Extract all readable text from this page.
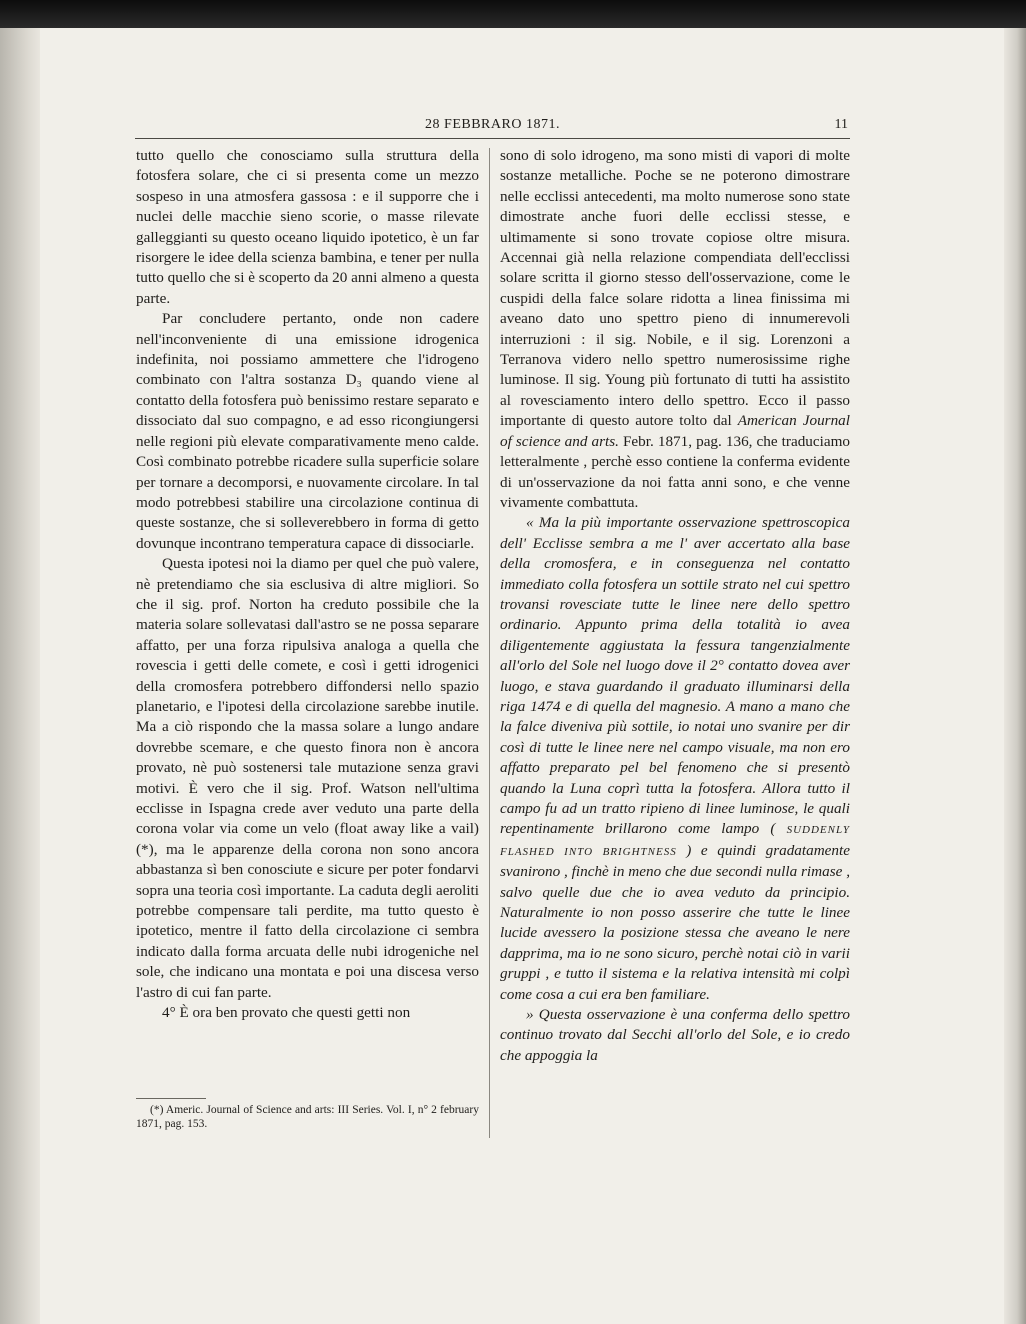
28 FEBBRARO 1871.	11

tutto quello che conosciamo sulla struttura della fotosfera solare, che ci si presenta come un mezzo sospeso in una atmosfera gassosa : e il supporre che i nuclei delle macchie sieno scorie, o masse rilevate galleggianti su questo oceano liquido ipotetico, è un far risorgere le idee della scienza bambina, e tener per nulla tutto quello che si è scoperto da 20 anni almeno a questa parte.

Par concludere pertanto, onde non cadere nell'inconveniente di una emissione idrogenica indefinita, noi possiamo ammettere che l'idrogeno combinato con l'altra sostanza D₃ quando viene al contatto della fotosfera può benissimo restare separato e dissociato dal suo compagno, e ad esso ricongiungersi nelle regioni più elevate comparativamente meno calde. Così combinato potrebbe ricadere sulla superficie solare per tornare a decomporsi, e nuovamente circolare. In tal modo potrebbesi stabilire una circolazione continua di queste sostanze, che si solleverebbero in forma di getto dovunque incontrano temperatura capace di dissociarle.

Questa ipotesi noi la diamo per quel che può valere, nè pretendiamo che sia esclusiva di altre migliori. So che il sig. prof. Norton ha creduto possibile che la materia solare sollevatasi dall'astro se ne possa separare affatto, per una forza ripulsiva analoga a quella che rovescia i getti delle comete, e così i getti idrogenici della cromosfera potrebbero diffondersi nello spazio planetario, e l'ipotesi della circolazione sarebbe inutile. Ma a ciò rispondo che la massa solare a lungo andare dovrebbe scemare, e che questo finora non è ancora provato, nè può sostenersi tale mutazione senza gravi motivi. È vero che il sig. Prof. Watson nell'ultima ecclisse in Ispagna crede aver veduto una parte della corona volar via come un velo (float away like a vail) (*), ma le apparenze della corona non sono ancora abbastanza sì ben conosciute e sicure per poter fondarvi sopra una teoria così importante. La caduta degli aeroliti potrebbe compensare tali perdite, ma tutto questo è ipotetico, mentre il fatto della circolazione ci sembra indicato dalla forma arcuata delle nubi idrogeniche nel sole, che indicano una montata e poi una discesa verso l'astro di cui fan parte.

4° È ora ben provato che questi getti non

(*) Americ. Journal of Science and arts: III Series. Vol. I, n° 2 february 1871, pag. 153.

sono di solo idrogeno, ma sono misti di vapori di molte sostanze metalliche. Poche se ne poterono dimostrare nelle ecclissi antecedenti, ma molto numerose sono state dimostrate anche fuori delle ecclissi stesse, e ultimamente si sono trovate copiose oltre misura. Accennai già nella relazione compendiata dell'ecclissi solare scritta il giorno stesso dell'osservazione, come le cuspidi della falce solare ridotta a linea finissima mi aveano dato uno spettro pieno di innumerevoli interruzioni : il sig. Nobile, e il sig. Lorenzoni a Terranova videro nello spettro numerosissime righe luminose. Il sig. Young più fortunato di tutti ha assistito al rovesciamento intero dello spettro. Ecco il passo importante di questo autore tolto dal American Journal of science and arts. Febr. 1871, pag. 136, che traduciamo letteralmente , perchè esso contiene la conferma evidente di un'osservazione da noi fatta anni sono, e che venne vivamente combattuta.

« Ma la più importante osservazione spettroscopica dell' Ecclisse sembra a me l' aver accertato alla base della cromosfera, e in conseguenza nel contatto immediato colla fotosfera un sottile strato nel cui spettro trovansi rovesciate tutte le linee nere dello spettro ordinario. Appunto prima della totalità io avea diligentemente aggiustata la fessura tangenzialmente all'orlo del Sole nel luogo dove il 2° contatto dovea aver luogo, e stava guardando il graduato illuminarsi della riga 1474 e di quella del magnesio. A mano a mano che la falce diveniva più sottile, io notai uno svanire per dir così di tutte le linee nere nel campo visuale, ma non ero affatto preparato pel bel fenomeno che si presentò quando la Luna coprì tutta la fotosfera. Allora tutto il campo fu ad un tratto ripieno di linee luminose, le quali repentinamente brillarono come lampo ( SUDDENLY FLASHED INTO BRIGHTNESS ) e quindi gradatamente svanirono , finchè in meno che due secondi nulla rimase , salvo quelle due che io avea veduto da principio. Naturalmente io non posso asserire che tutte le linee lucide avessero la posizione stessa che aveano le nere dapprima, ma io ne sono sicuro, perchè notai ciò in varii gruppi , e tutto il sistema e la relativa intensità mi colpì come cosa a cui era ben familiare.

» Questa osservazione è una conferma dello spettro continuo trovato dal Secchi all'orlo del Sole, e io credo che appoggia la
